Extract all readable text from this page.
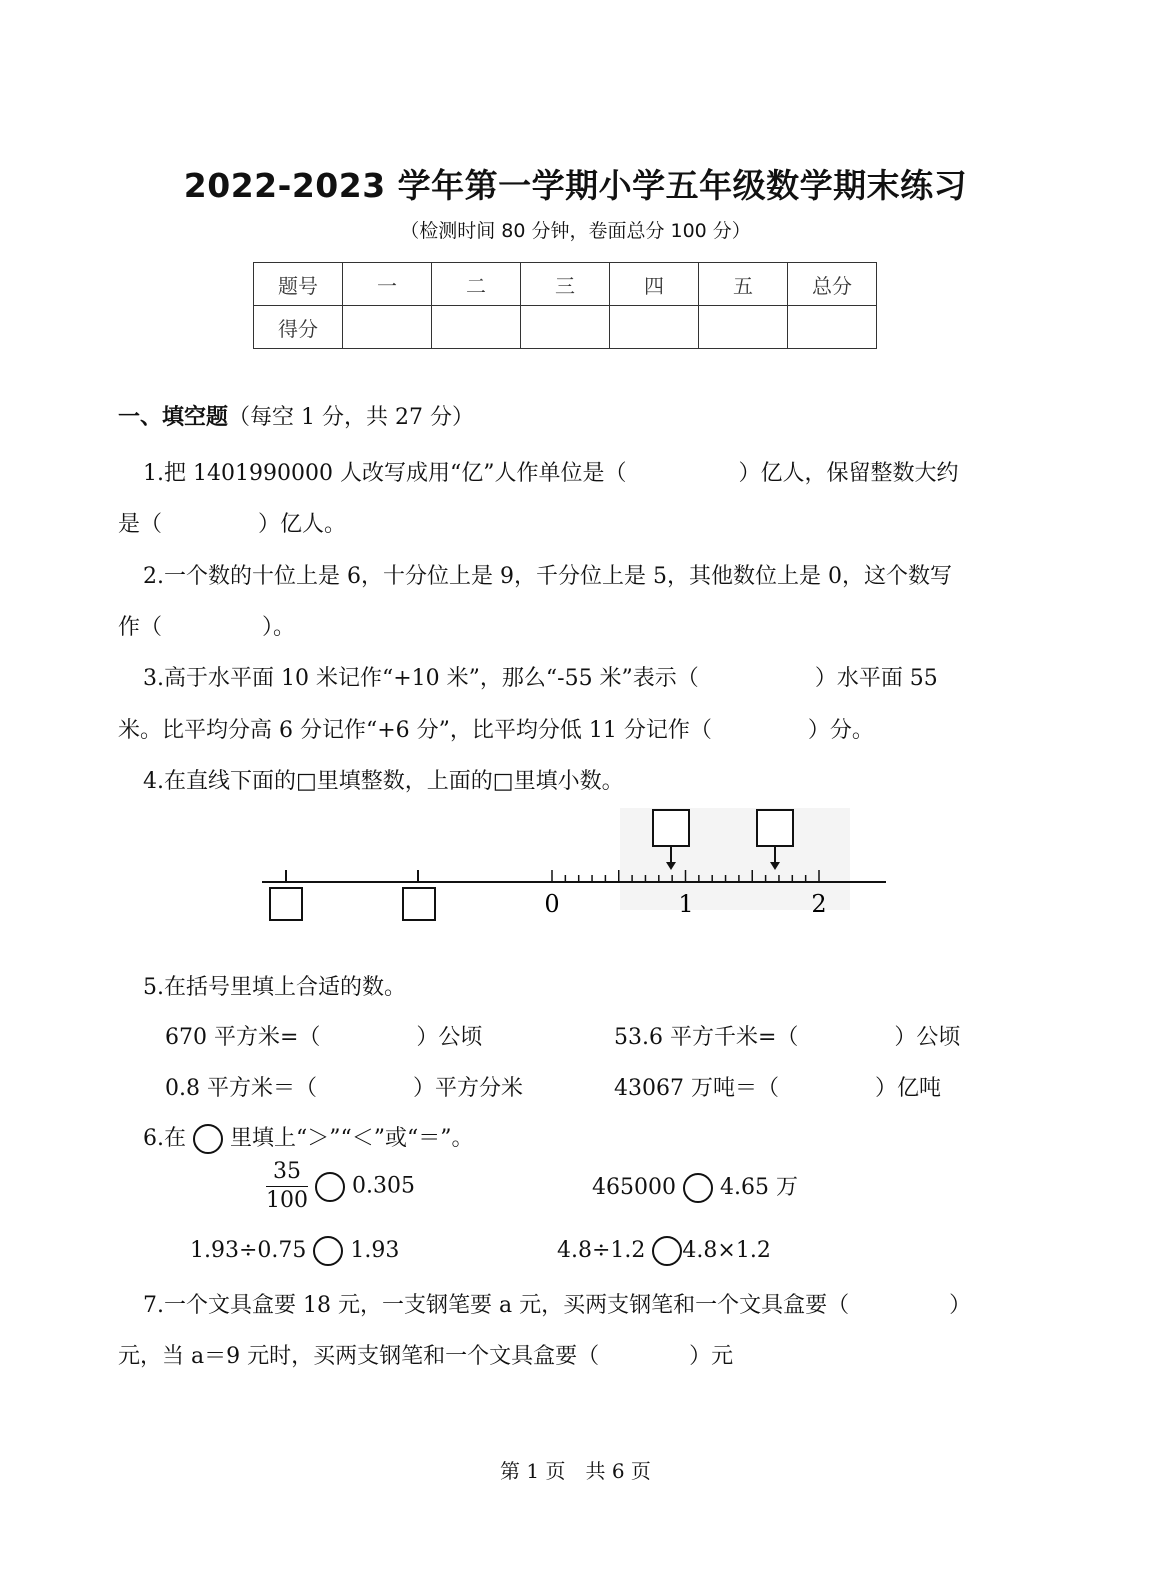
2022-2023 学年第一学期小学五年级数学期末练习
（检测时间 80 分钟，卷面总分 100 分）
题号	一	二	三	四	五	总分
得分						
一、填空题（每空 1 分，共 27 分）
1.把 1401990000 人改写成用“亿”人作单位是（	）亿人，保留整数大约
是（	）亿人。
2.一个数的十位上是 6，十分位上是 9，千分位上是 5，其他数位上是 0，这个数写
作（	）。
3.高于水平面 10 米记作“+10 米”，那么“-55 米”表示（	）水平面 55
米。比平均分高 6 分记作“+6 分”，比平均分低 11 分记作（	）分。
4.在直线下面的□里填整数，上面的□里填小数。
0	1	2
5.在括号里填上合适的数。
670 平方米=（	）公顷	53.6 平方千米=（	）公顷
0.8 平方米＝（	）平方分米	43067 万吨＝（	）亿吨
6.在 里填上“＞”“＜”或“＝”。
$\frac{35}{100} 0.305$	465000 4.65 万
1.93÷0.75 1.93	4.8÷1.2 4.8×1.2
7.一个文具盒要 18 元，一支钢笔要 a 元，买两支钢笔和一个文具盒要（	）
元，当 a＝9 元时，买两支钢笔和一个文具盒要（	）元
第 1 页　共 6 页
